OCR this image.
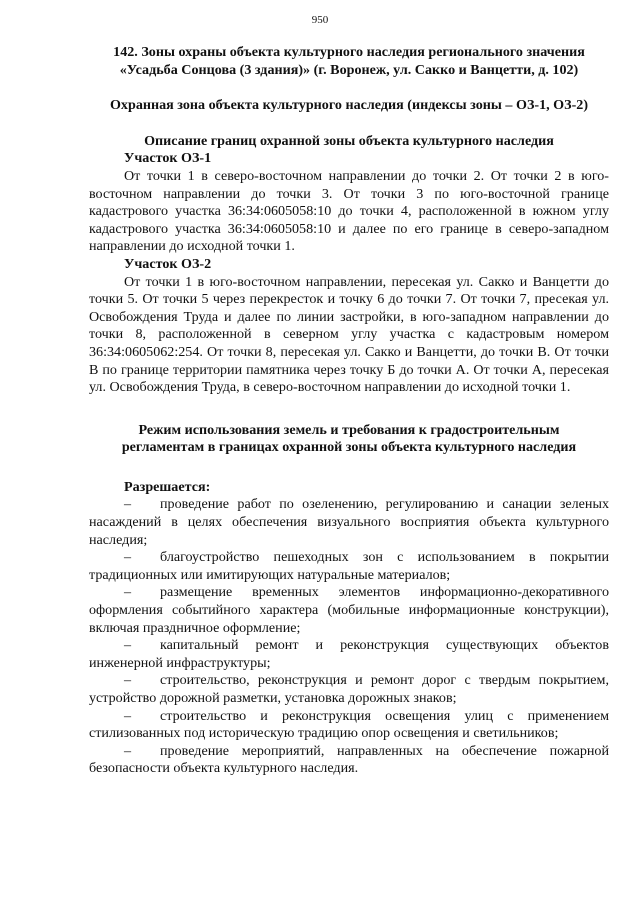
950

142. Зоны охраны объекта культурного наследия регионального значения
«Усадьба Сонцова (3 здания)» (г. Воронеж, ул. Сакко и Ванцетти, д. 102)

Охранная зона объекта культурного наследия (индексы зоны – ОЗ-1, ОЗ-2)

Описание границ охранной зоны объекта культурного наследия

Участок ОЗ-1

От точки 1 в северо-восточном направлении до точки 2. От точки 2 в юго-восточном направлении до точки 3. От точки 3 по юго-восточной границе кадастрового участка 36:34:0605058:10 до точки 4, расположенной в южном углу кадастрового участка 36:34:0605058:10 и далее по его границе в северо-западном направлении до исходной точки 1.

Участок ОЗ-2

От точки 1 в юго-восточном направлении, пересекая ул. Сакко и Ванцетти до точки 5. От точки 5 через перекресток и точку 6 до точки 7. От точки 7, пресекая ул. Освобождения Труда и далее по линии застройки, в юго-западном направлении до точки 8, расположенной в северном углу участка с кадастровым номером 36:34:0605062:254. От точки 8, пересекая ул. Сакко и Ванцетти, до точки В. От точки В по границе территории памятника через точку Б до точки А. От точки А, пересекая ул. Освобождения Труда, в северо-восточном направлении до исходной точки 1.

Режим использования земель и требования к градостроительным
регламентам в границах охранной зоны объекта культурного наследия

Разрешается:

– проведение работ по озеленению, регулированию и санации зеленых насаждений в целях обеспечения визуального восприятия объекта культурного наследия;

– благоустройство пешеходных зон с использованием в покрытии традиционных или имитирующих натуральные материалов;

– размещение временных элементов информационно-декоративного оформления событийного характера (мобильные информационные конструкции), включая праздничное оформление;

– капитальный ремонт и реконструкция существующих объектов инженерной инфраструктуры;

– строительство, реконструкция и ремонт дорог с твердым покрытием, устройство дорожной разметки, установка дорожных знаков;

– строительство и реконструкция освещения улиц с применением стилизованных под историческую традицию опор освещения и светильников;

– проведение мероприятий, направленных на обеспечение пожарной безопасности объекта культурного наследия.
